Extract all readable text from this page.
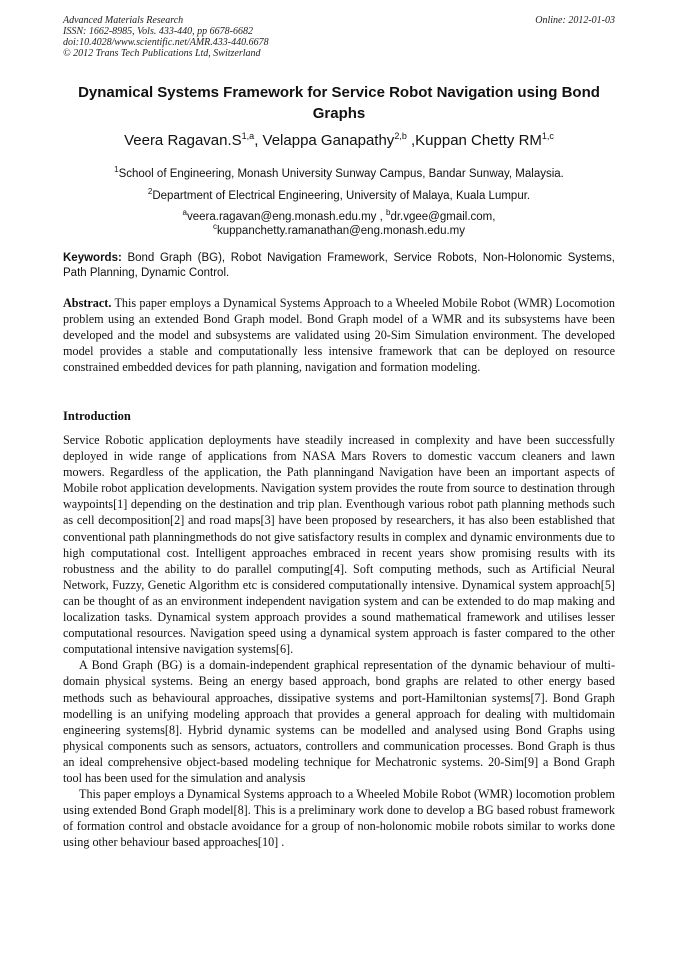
Advanced Materials Research
ISSN: 1662-8985, Vols. 433-440, pp 6678-6682
doi:10.4028/www.scientific.net/AMR.433-440.6678
© 2012 Trans Tech Publications Ltd, Switzerland
Online: 2012-01-03
Dynamical Systems Framework for Service Robot Navigation using Bond Graphs
Veera $Ragavan.S^{1,a}$, Velappa Ganapathy$^{2,b}$ ,Kuppan Chetty RM$^{1,c}$
$^1$School of Engineering, Monash University Sunway Campus, Bandar Sunway, Malaysia.
$^2$Department of Electrical Engineering, University of Malaya, Kuala Lumpur.
$^a$veera.ragavan@eng.monash.edu.my , $^b$dr.vgee@gmail.com,
$^c$kuppanchetty.ramanathan@eng.monash.edu.my
Keywords: Bond Graph (BG), Robot Navigation Framework, Service Robots, Non-Holonomic Systems, Path Planning, Dynamic Control.
Abstract. This paper employs a Dynamical Systems Approach to a Wheeled Mobile Robot (WMR) Locomotion problem using an extended Bond Graph model. Bond Graph model of a WMR and its subsystems have been developed and the model and subsystems are validated using 20-Sim Simulation environment. The developed model provides a stable and computationally less intensive framework that can be deployed on resource constrained embedded devices for path planning, navigation and formation modeling.
Introduction

Service Robotic application deployments have steadily increased in complexity and have been successfully deployed in wide range of applications from NASA Mars Rovers to domestic vaccum cleaners and lawn mowers. Regardless of the application, the Path planningand Navigation have been an important aspects of Mobile robot application developments. Navigation system provides the route from source to destination through waypoints[1] depending on the destination and trip plan. Eventhough various robot path planning methods such as cell decomposition[2] and road maps[3] have been proposed by researchers, it has also been established that conventional path planningmethods do not give satisfactory results in complex and dynamic environments due to high computational cost. Intelligent approaches embraced in recent years show promising results with its robustness and the ability to do parallel computing[4]. Soft computing methods, such as Artificial Neural Network, Fuzzy, Genetic Algorithm etc is considered computationally intensive. Dynamical system approach[5] can be thought of as an environment independent navigation system and can be extended to do map making and localization tasks. Dynamical system approach provides a sound mathematical framework and utilises lesser computational resources. Navigation speed using a dynamical system approach is faster compared to the other computational intensive navigation systems[6].

A Bond Graph (BG) is a domain-independent graphical representation of the dynamic behaviour of multi-domain physical systems. Being an energy based approach, bond graphs are related to other energy based methods such as behavioural approaches, dissipative systems and port-Hamiltonian systems[7]. Bond Graph modelling is an unifying modeling approach that provides a general approach for dealing with multidomain engineering systems[8]. Hybrid dynamic systems can be modelled and analysed using Bond Graphs using physical components such as sensors, actuators, controllers and communication processes. Bond Graph is thus an ideal comprehensive object-based modeling technique for Mechatronic systems. 20-Sim[9] a Bond Graph tool has been used for the simulation and analysis

This paper employs a Dynamical Systems approach to a Wheeled Mobile Robot (WMR) locomotion problem using extended Bond Graph model[8]. This is a preliminary work done to develop a BG based robust framework of formation control and obstacle avoidance for a group of non-holonomic mobile robots similar to works done using other behaviour based approaches[10] .
